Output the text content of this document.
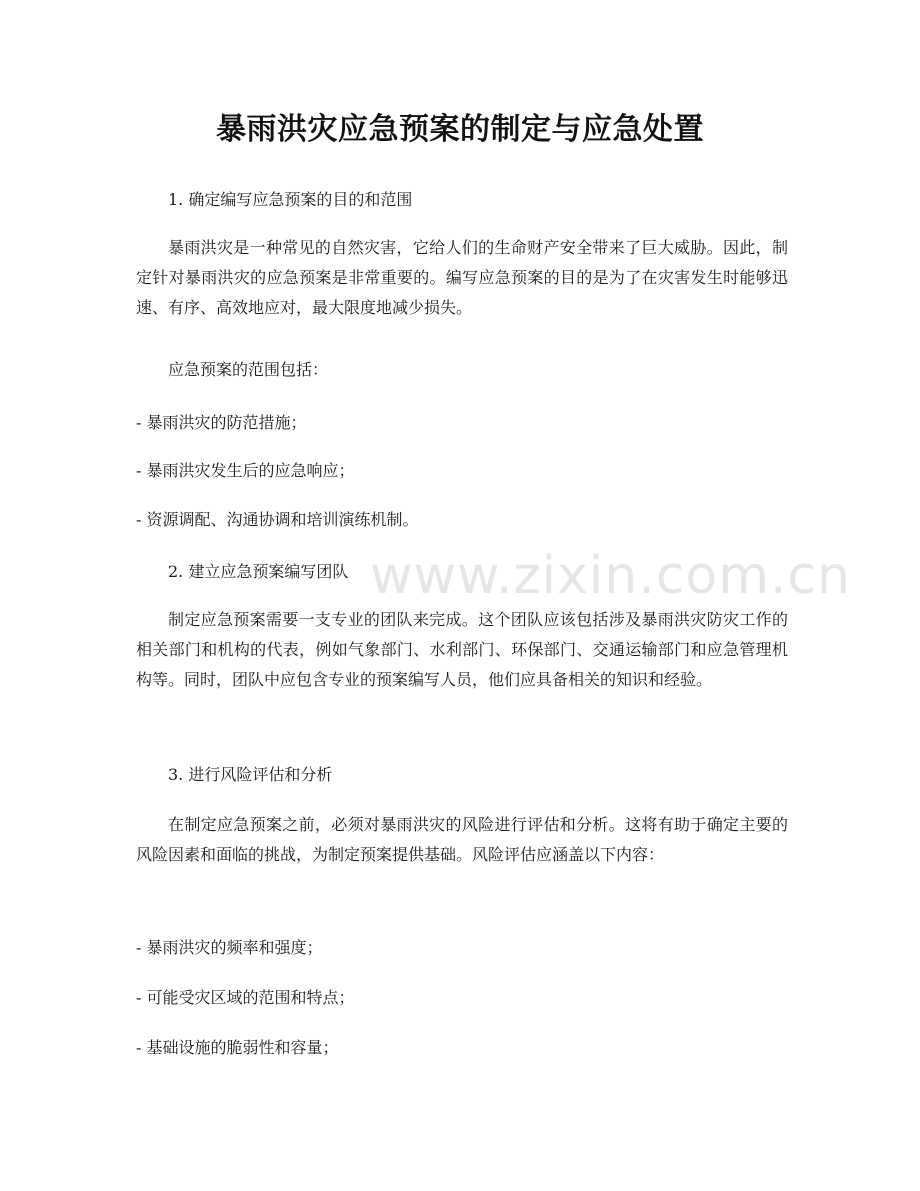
暴雨洪灾应急预案的制定与应急处置
1. 确定编写应急预案的目的和范围
暴雨洪灾是一种常见的自然灾害，它给人们的生命财产安全带来了巨大威胁。因此，制定针对暴雨洪灾的应急预案是非常重要的。编写应急预案的目的是为了在灾害发生时能够迅速、有序、高效地应对，最大限度地减少损失。
应急预案的范围包括：
- 暴雨洪灾的防范措施；
- 暴雨洪灾发生后的应急响应；
- 资源调配、沟通协调和培训演练机制。
2. 建立应急预案编写团队
制定应急预案需要一支专业的团队来完成。这个团队应该包括涉及暴雨洪灾防灾工作的相关部门和机构的代表，例如气象部门、水利部门、环保部门、交通运输部门和应急管理机构等。同时，团队中应包含专业的预案编写人员，他们应具备相关的知识和经验。
3. 进行风险评估和分析
在制定应急预案之前，必须对暴雨洪灾的风险进行评估和分析。这将有助于确定主要的风险因素和面临的挑战，为制定预案提供基础。风险评估应涵盖以下内容：
- 暴雨洪灾的频率和强度；
- 可能受灾区域的范围和特点；
- 基础设施的脆弱性和容量；
www.zixin.com.cn
